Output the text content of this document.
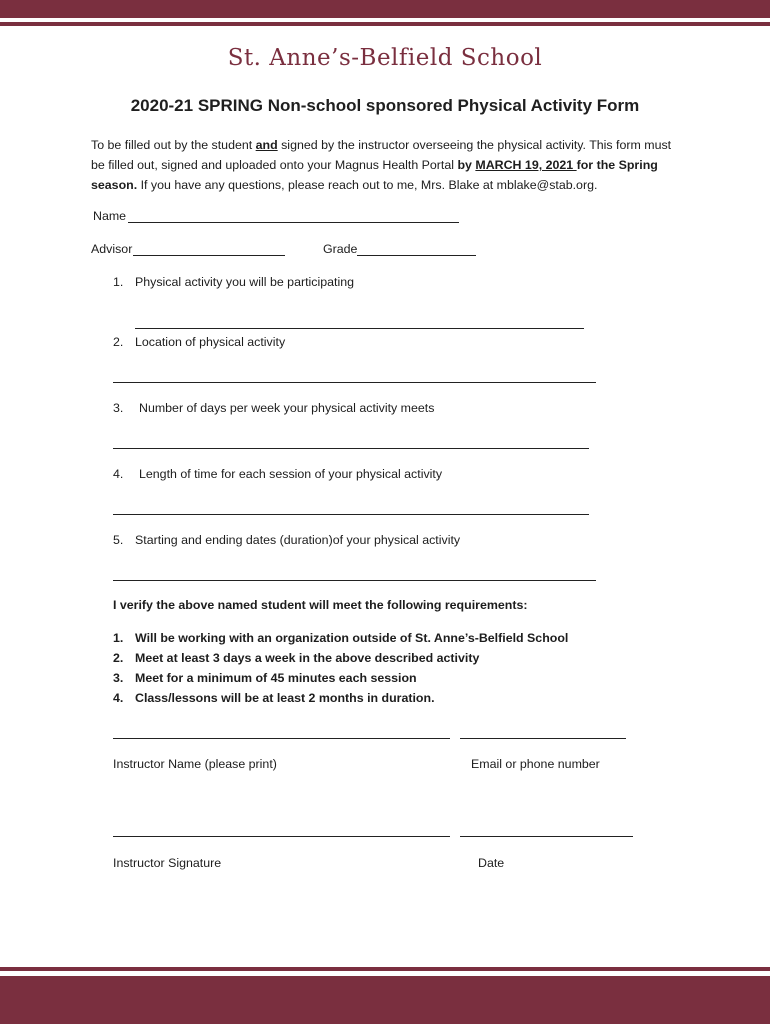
St. Anne’s-Belfield School
2020-21 SPRING Non-school sponsored Physical Activity Form
To be filled out by the student and signed by the instructor overseeing the physical activity. This form must be filled out, signed and uploaded onto your Magnus Health Portal by MARCH 19, 2021 for the Spring season. If you have any questions, please reach out to me, Mrs. Blake at mblake@stab.org.
Name
Advisor	Grade
1. Physical activity you will be participating
2. Location of physical activity
3. Number of days per week your physical activity meets
4. Length of time for each session of your physical activity
5. Starting and ending dates (duration)of your physical activity
I verify the above named student will meet the following requirements:
1. Will be working with an organization outside of St. Anne’s-Belfield School
2. Meet at least 3 days a week in the above described activity
3. Meet for a minimum of 45 minutes each session
4. Class/lessons will be at least 2 months in duration.
Instructor Name (please print)	Email or phone number
Instructor Signature	Date
